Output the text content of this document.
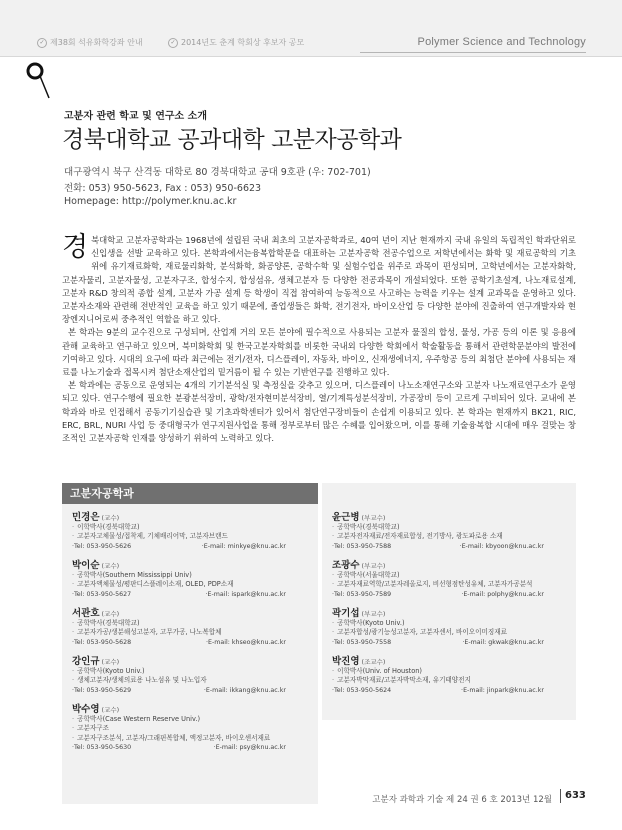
✓ 제38회 석유화학강좌 안내	✓ 2014년도 춘계 학회상 후보자 공모	Polymer Science and Technology
고분자 관련 학교 및 연구소 소개
경북대학교 공과대학 고분자공학과
대구광역시 북구 산격동 대학로 80 경북대학교 공대 9호관 (우: 702-701)
전화: 053) 950-5623, Fax : 053) 950-6623
Homepage: http://polymer.knu.ac.kr

경북대학교 고분자공학과는 1968년에 설립된 국내 최초의 고분자공학과로, 40여 년이 지난 현재까지 국내 유일의 독립적인 학과단위로 신입생을 선발 교육하고 있다. 본학과에서는융복합학문을 대표하는 고분자공학 전공수업으로 저학년에서는 화학 및 재료공학의 기초 위에 유기재료화학, 재료물리화학, 분석화학, 화공양론, 공학수학 및 실험수업을 위주로 과목이 편성되며, 고학년에서는 고분자화학, 고분자물리, 고분자물성, 고분자구조, 합성수지, 합성섬유, 생체고분자 등 다양한 전공과목이 개설되었다. 또한 공학기초설계, 나노재료설계, 고분자 R&D 창의적 종합 설계, 고분자 가공 설계 등 학생이 직접 참여하여 능동적으로 사고하는 능력을 키우는 설계 교과목을 운영하고 있다. 고분자소재와 관련해 전반적인 교육을 하고 있기 때문에, 졸업생들은 화학, 전기전자, 바이오산업 등 다양한 분야에 진출하여 연구개발자와 현장엔지니어로써 중추적인 역할을 하고 있다.

본 학과는 9분의 교수진으로 구성되며, 산업계 거의 모든 분야에 필수적으로 사용되는 고분자 물질의 합성, 물성, 가공 등의 이론 및 응용에 관해 교육하고 연구하고 있으며, 북미화학회 및 한국고분자학회를 비롯한 국내외 다양한 학회에서 학술활동을 통해서 관련학문분야의 발전에 기여하고 있다. 시대의 요구에 따라 최근에는 전기/전자, 디스플레이, 자동차, 바이오, 신재생에너지, 우주항공 등의 최첨단 분야에 사용되는 재료를 나노기술과 접목시켜 첨단소재산업의 밑거름이 될 수 있는 기반연구를 진행하고 있다.

본 학과에는 공동으로 운영되는 4개의 기기분석실 및 측정실을 갖추고 있으며, 디스플레이 나노소재연구소와 고분자 나노재료연구소가 운영되고 있다. 연구수행에 필요한 분광분석장비, 광학/전자현미분석장비, 열/기계특성분석장비, 가공장비 등이 고르게 구비되어 있다. 교내에 본 학과와 바로 인접해서 공동기기실습관 및 기초과학센터가 있어서 첨단연구장비들이 손쉽게 이용되고 있다. 본 학과는 현재까지 BK21, RIC, ERC, BRL, NURI 사업 등 중대형국가 연구지원사업을 통해 정부로부터 많은 수혜를 입어왔으며, 이를 통해 기술융복합 시대에 매우 걸맞는 창조적인 고분자공학 인재를 양성하기 위하여 노력하고 있다.

민경은 (교수)
· 이학박사(경북대학교)
· 고분자고체물성/접착제, 기체배리어막, 고분자브랜드
·Tel: 053-950-5626	·E-mail: minkye@knu.ac.kr
박이순 (교수)
· 공학박사(Southern Mississippi Univ)
· 고분자액체물성/평판디스플레이소재, OLED, PDP소재
·Tel: 053-950-5627	·E-mail: ispark@knu.ac.kr
서관호 (교수)
· 공학박사(경북대학교)
· 고분자가공/생분해성고분자, 고무가공, 나노복합체
·Tel: 053-950-5628	·E-mail: khseo@knu.ac.kr
강인규 (교수)
· 공학박사(Kyoto Univ.)
· 생체고분자/생체의료용 나노섬유 및 나노입자
·Tel: 053-950-5629	·E-mail: ikkang@knu.ac.kr
박수영 (교수)
· 공학박사(Case Western Reserve Univ.)
· 고분자구조
· 고분자구조분석, 고분자/그래핀복합체, 액정고분자, 바이오센서재료
·Tel: 053-950-5630	·E-mail: psy@knu.ac.kr
고분자공학과
윤근병 (부교수)
· 공학박사(경북대학교)
· 고분자전자재료/전자재료합성, 전기방사, 광도파로용 소재
·Tel: 053-950-7588	·E-mail: kbyoon@knu.ac.kr
조광수 (부교수)
· 공학박사(서울대학교)
· 고분자재료역학/고분자레올로지, 비선형점탄성유체, 고분자가공분석
·Tel: 053-950-7589	·E-mail: polphy@knu.ac.kr
곽기섭 (부교수)
· 공학박사(Kyoto Univ.)
· 고분자합성/광기능성고분자, 고분자센서, 바이오이미징재료
·Tel: 053-950-7558	·E-mail: gkwak@knu.ac.kr
박진영 (조교수)
· 이학박사(Univ. of Houston)
· 고분자박막재료/고분자박막소재, 유기태양전지
·Tel: 053-950-5624	·E-mail: jinpark@knu.ac.kr
고분자 과학과 기술 제 24 권 6 호 2013년 12월 633
